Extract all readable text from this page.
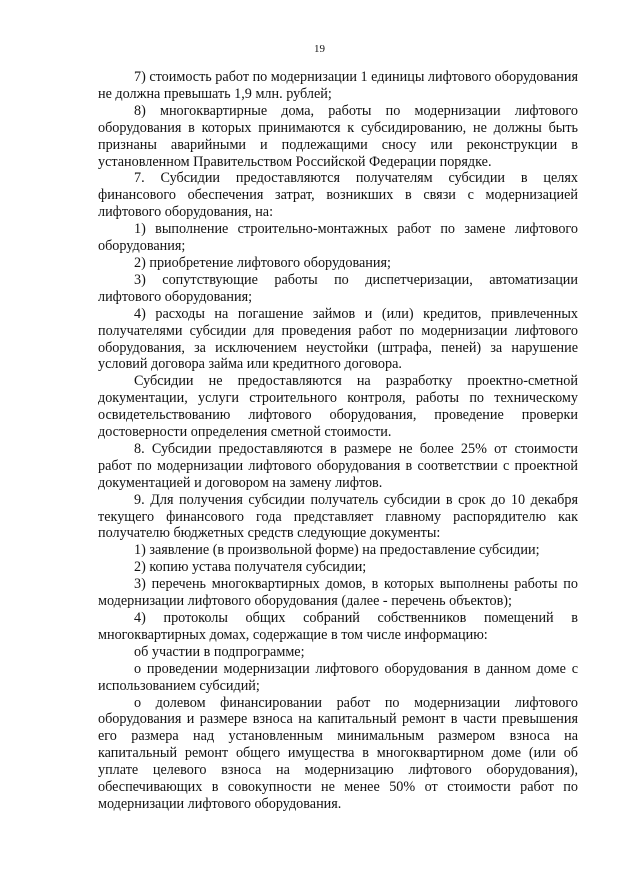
19

7) стоимость работ по модернизации 1 единицы лифтового оборудования не должна превышать 1,9 млн. рублей;

8) многоквартирные дома, работы по модернизации лифтового оборудования в которых принимаются к субсидированию, не должны быть признаны аварийными и подлежащими сносу или реконструкции в установленном Правительством Российской Федерации порядке.

7. Субсидии предоставляются получателям субсидии в целях финансового обеспечения затрат, возникших в связи с модернизацией лифтового оборудования, на:

1) выполнение строительно-монтажных работ по замене лифтового оборудования;

2) приобретение лифтового оборудования;

3) сопутствующие работы по диспетчеризации, автоматизации лифтового оборудования;

4) расходы на погашение займов и (или) кредитов, привлеченных получателями субсидии для проведения работ по модернизации лифтового оборудования, за исключением неустойки (штрафа, пеней) за нарушение условий договора займа или кредитного договора.

Субсидии не предоставляются на разработку проектно-сметной документации, услуги строительного контроля, работы по техническому освидетельствованию лифтового оборудования, проведение проверки достоверности определения сметной стоимости.

8. Субсидии предоставляются в размере не более 25% от стоимости работ по модернизации лифтового оборудования в соответствии с проектной документацией и договором на замену лифтов.

9. Для получения субсидии получатель субсидии в срок до 10 декабря текущего финансового года представляет главному распорядителю как получателю бюджетных средств следующие документы:

1) заявление (в произвольной форме) на предоставление субсидии;

2) копию устава получателя субсидии;

3) перечень многоквартирных домов, в которых выполнены работы по модернизации лифтового оборудования (далее - перечень объектов);

4) протоколы общих собраний собственников помещений в многоквартирных домах, содержащие в том числе информацию:

об участии в подпрограмме;

о проведении модернизации лифтового оборудования в данном доме с использованием субсидий;

о долевом финансировании работ по модернизации лифтового оборудования и размере взноса на капитальный ремонт в части превышения его размера над установленным минимальным размером взноса на капитальный ремонт общего имущества в многоквартирном доме (или об уплате целевого взноса на модернизацию лифтового оборудования), обеспечивающих в совокупности не менее 50% от стоимости работ по модернизации лифтового оборудования.
